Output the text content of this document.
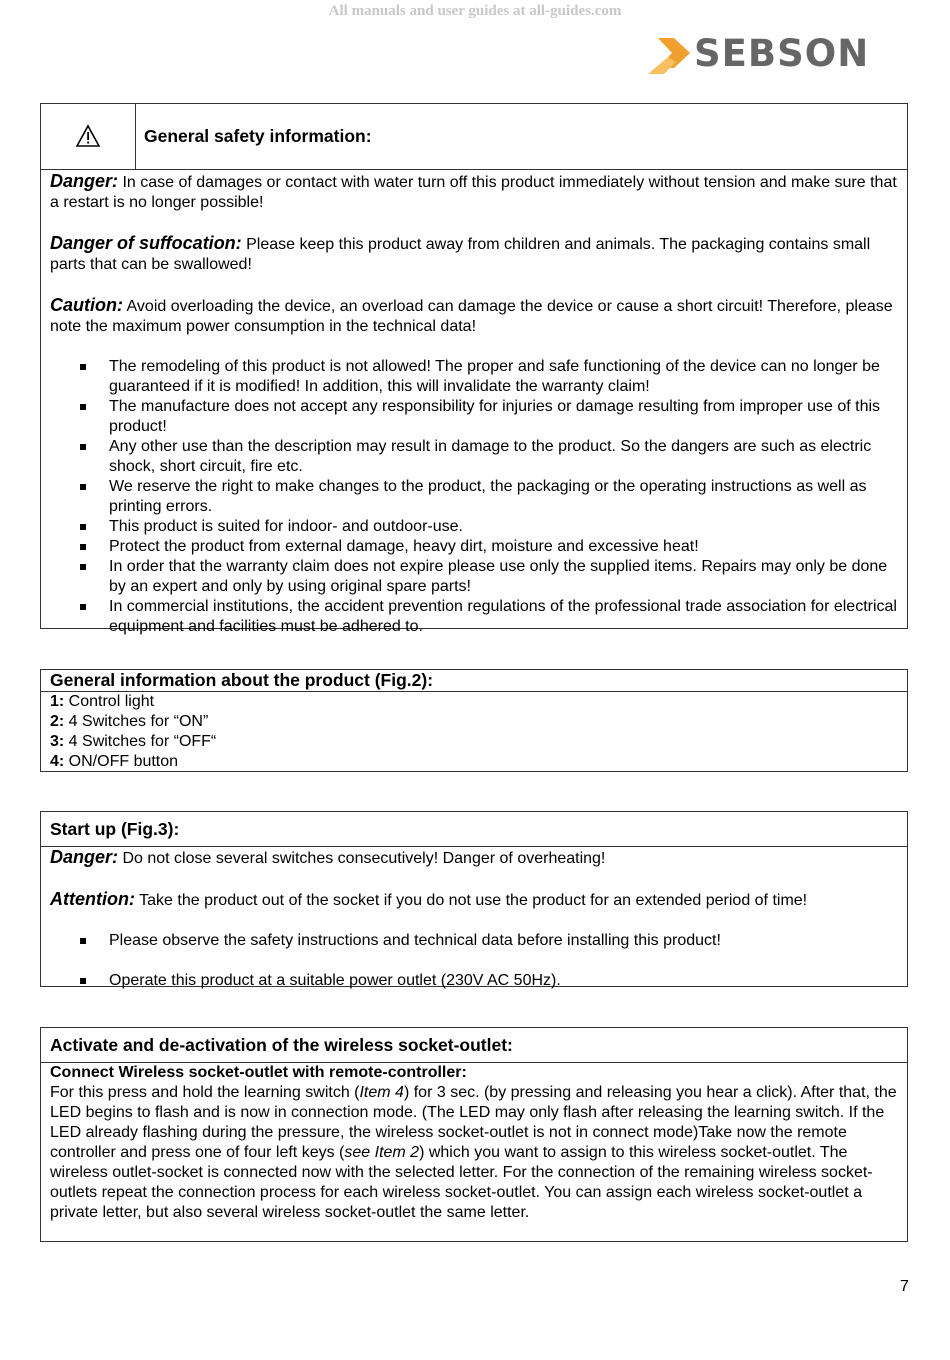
All manuals and user guides at all-guides.com
SEBSON
General safety information:

Danger: In case of damages or contact with water turn off this product immediately without tension and make sure that a restart is no longer possible!

Danger of suffocation: Please keep this product away from children and animals. The packaging contains small parts that can be swallowed!

Caution: Avoid overloading the device, an overload can damage the device or cause a short circuit! Therefore, please note the maximum power consumption in the technical data!

The remodeling of this product is not allowed! The proper and safe functioning of the device can no longer be guaranteed if it is modified! In addition, this will invalidate the warranty claim!
The manufacture does not accept any responsibility for injuries or damage resulting from improper use of this product!
Any other use than the description may result in damage to the product. So the dangers are such as electric shock, short circuit, fire etc.
We reserve the right to make changes to the product, the packaging or the operating instructions as well as printing errors.
This product is suited for indoor- and outdoor-use.
Protect the product from external damage, heavy dirt, moisture and excessive heat!
In order that the warranty claim does not expire please use only the supplied items. Repairs may only be done by an expert and only by using original spare parts!
In commercial institutions, the accident prevention regulations of the professional trade association for electrical equipment and facilities must be adhered to.
General information about the product (Fig.2):
1: Control light
2: 4 Switches for “ON”
3: 4 Switches for “OFF“
4: ON/OFF button
Start up (Fig.3):

Danger: Do not close several switches consecutively! Danger of overheating!

Attention: Take the product out of the socket if you do not use the product for an extended period of time!

Please observe the safety instructions and technical data before installing this product!
Operate this product at a suitable power outlet (230V AC 50Hz).
Activate and de-activation of the wireless socket-outlet:
Connect Wireless socket-outlet with remote-controller:

For this press and hold the learning switch (Item 4) for 3 sec. (by pressing and releasing you hear a click). After that, the LED begins to flash and is now in connection mode. (The LED may only flash after releasing the learning switch. If the LED already flashing during the pressure, the wireless socket-outlet is not in connect mode)Take now the remote controller and press one of four left keys (see Item 2) which you want to assign to this wireless socket-outlet. The wireless outlet-socket is connected now with the selected letter. For the connection of the remaining wireless socket-outlets repeat the connection process for each wireless socket-outlet. You can assign each wireless socket-outlet a private letter, but also several wireless socket-outlet the same letter.

7
